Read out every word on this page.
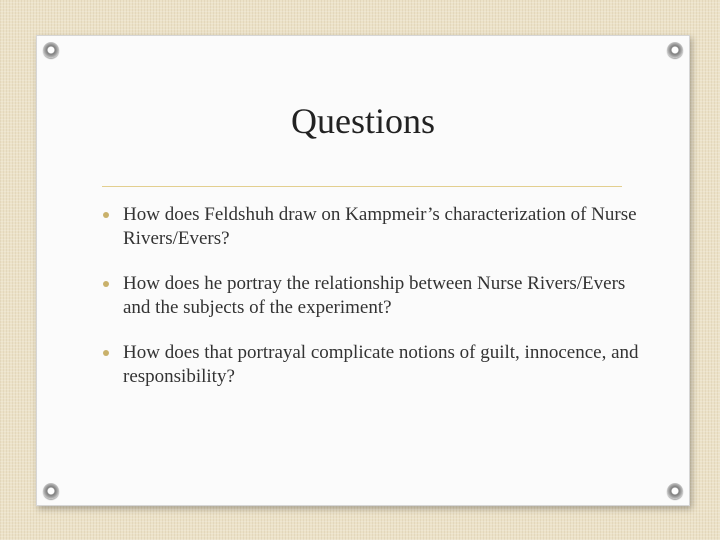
Questions
How does Feldshuh draw on Kampmeir’s characterization of Nurse Rivers/Evers?
How does he portray the relationship between Nurse Rivers/Evers and the subjects of the experiment?
How does that portrayal complicate notions of guilt, innocence, and responsibility?
